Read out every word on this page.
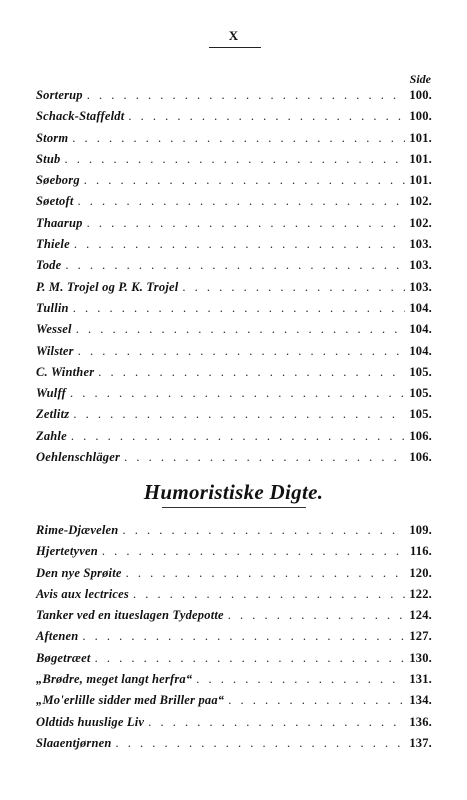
X
Side
Sorterup . . .	100.
Schack-Staffeldt . . .	100.
Storm . . .	101.
Stub . . .	101.
Søeborg . . .	101.
Søetoft . . .	102.
Thaarup . . .	102.
Thiele . . .	103.
Tode . . .	103.
P. M. Trojel og P. K. Trojel . . .	103.
Tullin . . .	104.
Wessel . . .	104.
Wilster . . .	104.
C. Winther . . .	105.
Wulff . . .	105.
Zetlitz . . .	105.
Zahle . . .	106.
Oehlenschläger . . .	106.
Humoristiske Digte.
Rime-Djævelen . . .	109.
Hjertetyven . . .	116.
Den nye Sprøite . . .	120.
Avis aux lectrices . . .	122.
Tanker ved en itueslagen Tydepotte . . .	124.
Aftenen . . .	127.
Bøgetræet . . .	130.
„Brødre, meget langt herfra“ . . .	131.
„Mo'erlille sidder med Briller paa“ . . .	134.
Oldtids huuslige Liv . . .	136.
Slaaentjørnen . . .	137.
